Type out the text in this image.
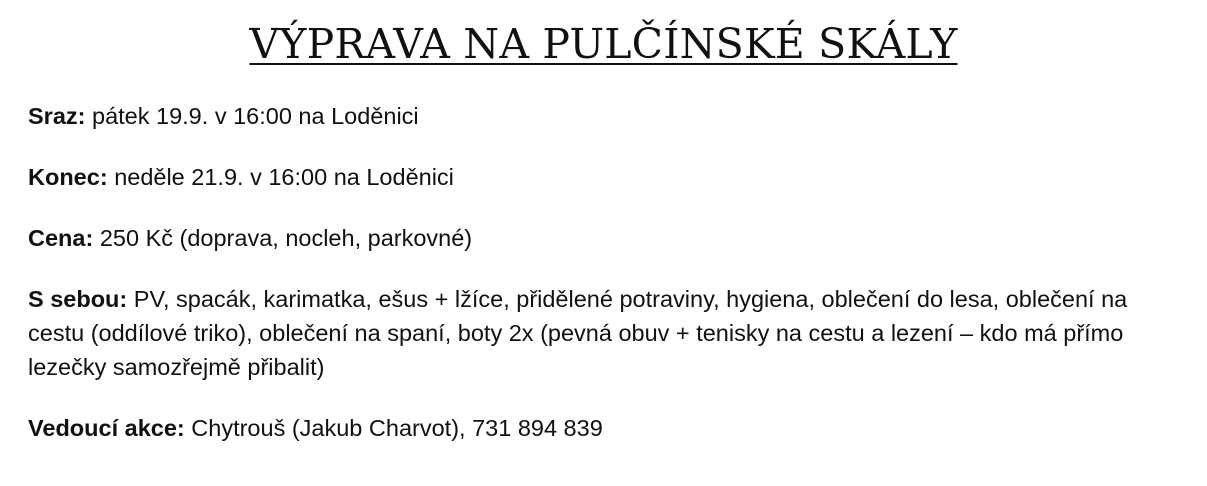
VÝPRAVA NA PULČÍNSKÉ SKÁLY

Sraz: pátek 19.9. v 16:00 na Loděnici

Konec: neděle 21.9. v 16:00 na Loděnici

Cena: 250 Kč (doprava, nocleh, parkovné)

S sebou: PV, spacák, karimatka, ešus + lžíce, přidělené potraviny, hygiena, oblečení do lesa, oblečení na cestu (oddílové triko), oblečení na spaní, boty 2x (pevná obuv + tenisky na cestu a lezení – kdo má přímo lezečky samozřejmě přibalit)

Vedoucí akce: Chytrouš (Jakub Charvot), 731 894 839
